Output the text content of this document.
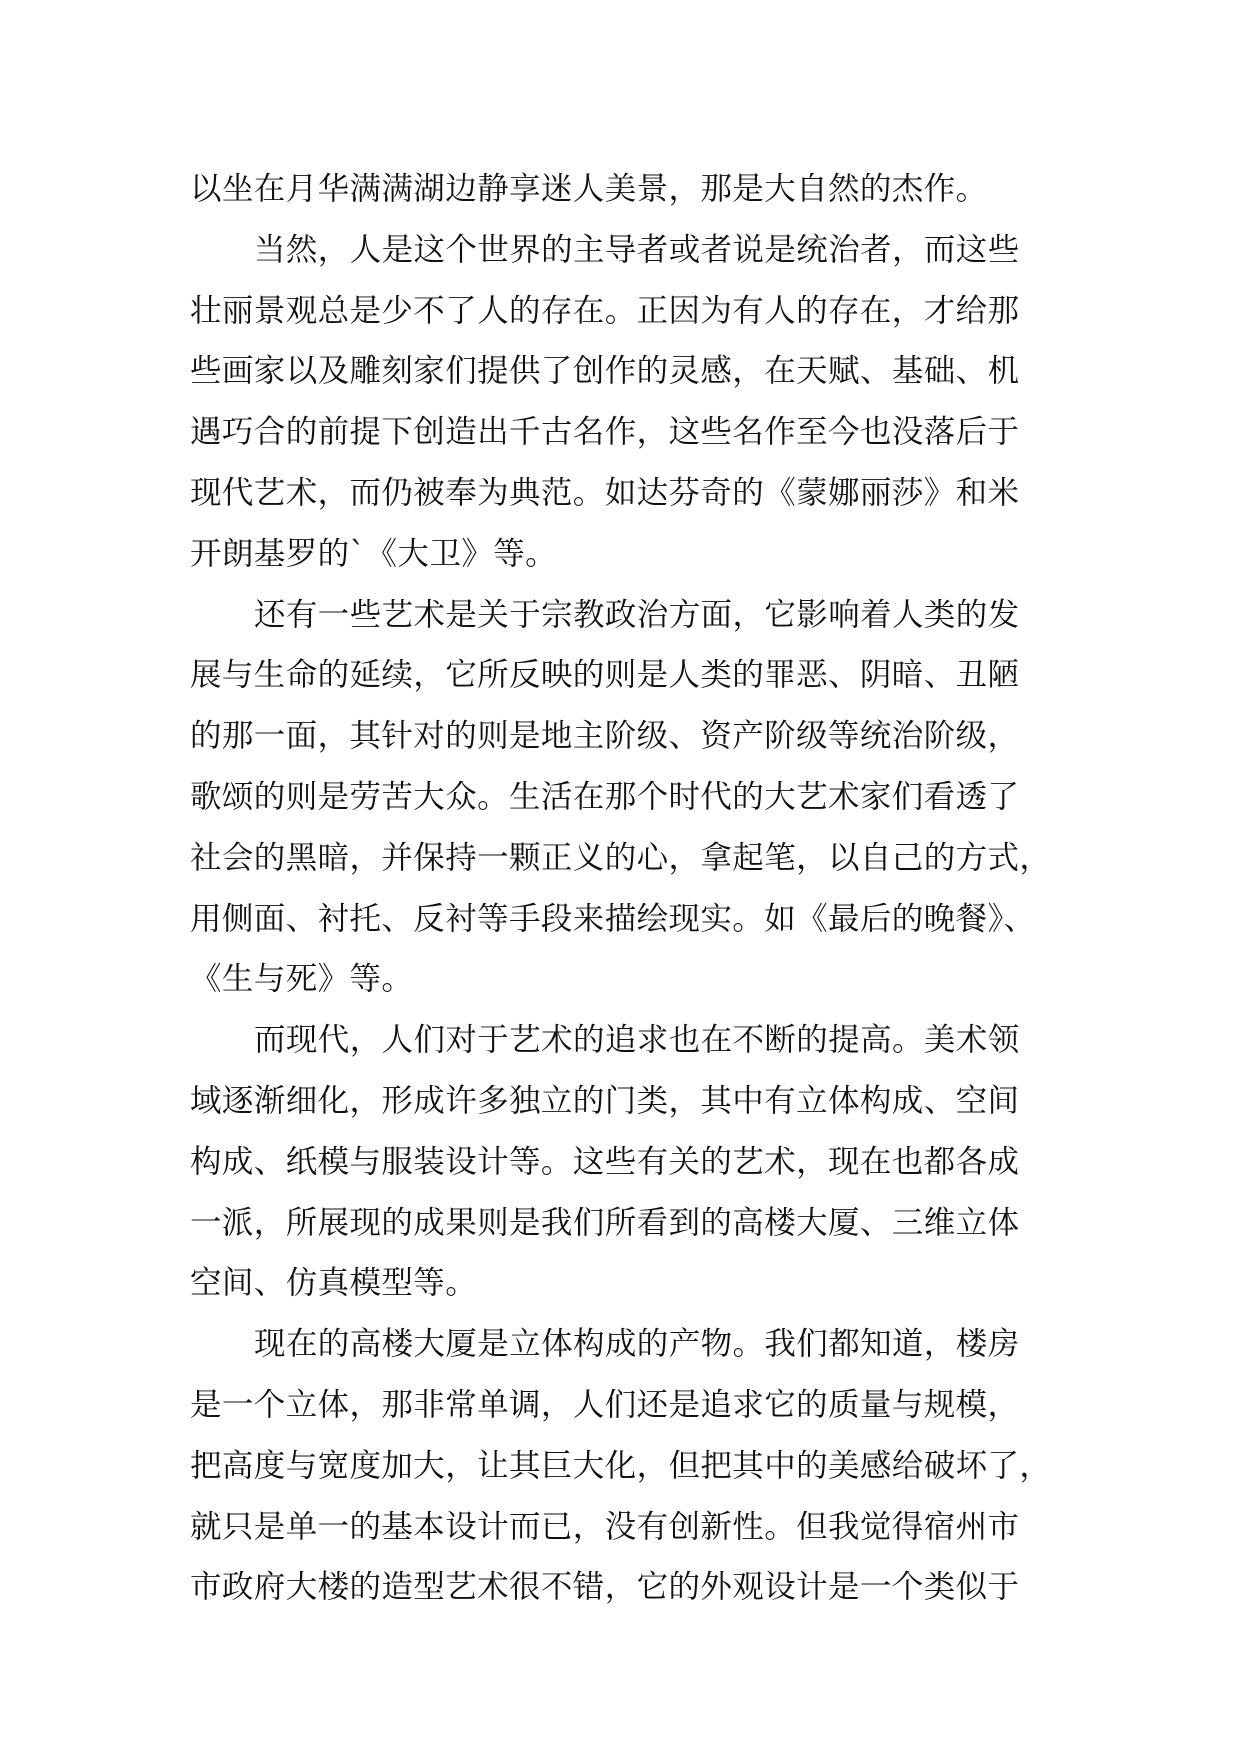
以坐在月华满满湖边静享迷人美景，那是大自然的杰作。
当然，人是这个世界的主导者或者说是统治者，而这些
壮丽景观总是少不了人的存在。正因为有人的存在，才给那
些画家以及雕刻家们提供了创作的灵感，在天赋、基础、机
遇巧合的前提下创造出千古名作，这些名作至今也没落后于
现代艺术，而仍被奉为典范。如达芬奇的《蒙娜丽莎》和米
开朗基罗的`《大卫》等。
还有一些艺术是关于宗教政治方面，它影响着人类的发
展与生命的延续，它所反映的则是人类的罪恶、阴暗、丑陋
的那一面，其针对的则是地主阶级、资产阶级等统治阶级，
歌颂的则是劳苦大众。生活在那个时代的大艺术家们看透了
社会的黑暗，并保持一颗正义的心，拿起笔，以自己的方式，
用侧面、衬托、反衬等手段来描绘现实。如《最后的晚餐》、
《生与死》等。
而现代，人们对于艺术的追求也在不断的提高。美术领
域逐渐细化，形成许多独立的门类，其中有立体构成、空间
构成、纸模与服装设计等。这些有关的艺术，现在也都各成
一派，所展现的成果则是我们所看到的高楼大厦、三维立体
空间、仿真模型等。
现在的高楼大厦是立体构成的产物。我们都知道，楼房
是一个立体，那非常单调，人们还是追求它的质量与规模，
把高度与宽度加大，让其巨大化，但把其中的美感给破坏了，
就只是单一的基本设计而已，没有创新性。但我觉得宿州市
市政府大楼的造型艺术很不错，它的外观设计是一个类似于
